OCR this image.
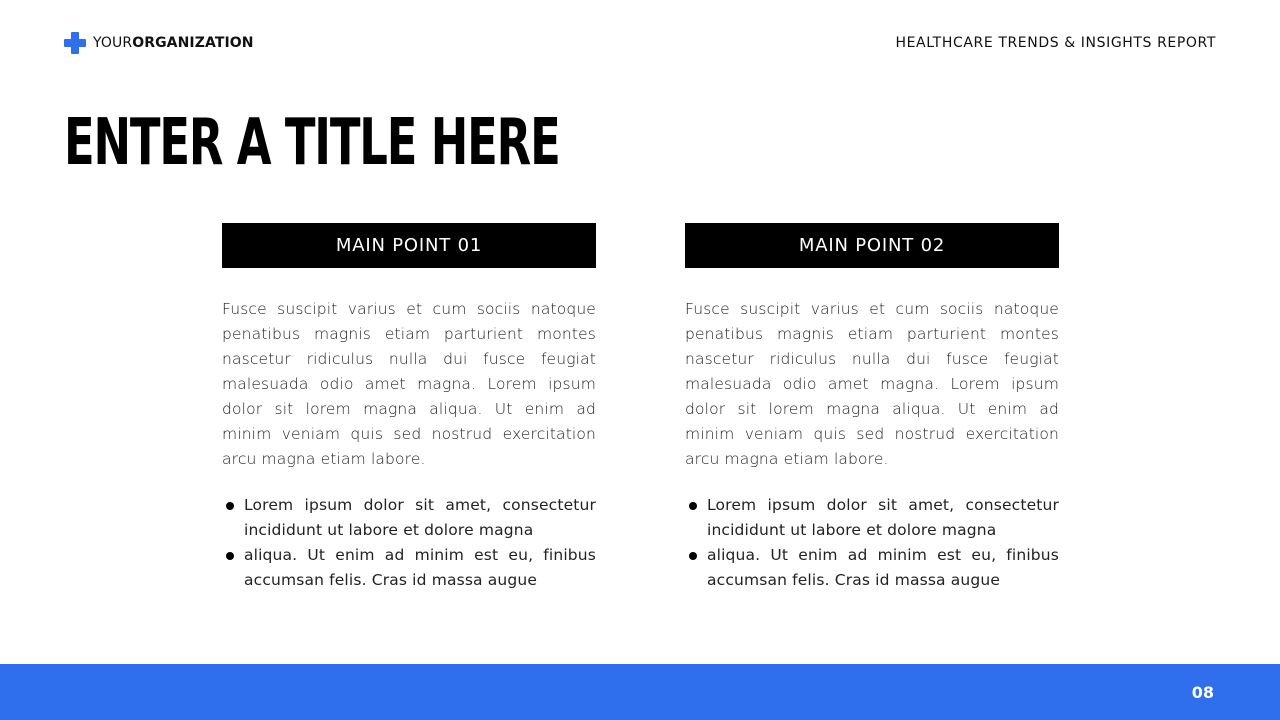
YOURORGANIZATION	HEALTHCARE TRENDS & INSIGHTS REPORT
ENTER A TITLE HERE
MAIN POINT 01

Fusce suscipit varius et cum sociis natoque penatibus magnis etiam parturient montes nascetur ridiculus nulla dui fusce feugiat malesuada odio amet magna. Lorem ipsum dolor sit lorem magna aliqua. Ut enim ad minim veniam quis sed nostrud exercitation arcu magna etiam labore.

Lorem ipsum dolor sit amet, consectetur incididunt ut labore et dolore magna
aliqua. Ut enim ad minim est eu, finibus accumsan felis. Cras id massa augue
MAIN POINT 02

Fusce suscipit varius et cum sociis natoque penatibus magnis etiam parturient montes nascetur ridiculus nulla dui fusce feugiat malesuada odio amet magna. Lorem ipsum dolor sit lorem magna aliqua. Ut enim ad minim veniam quis sed nostrud exercitation arcu magna etiam labore.

Lorem ipsum dolor sit amet, consectetur incididunt ut labore et dolore magna
aliqua. Ut enim ad minim est eu, finibus accumsan felis. Cras id massa augue
08
